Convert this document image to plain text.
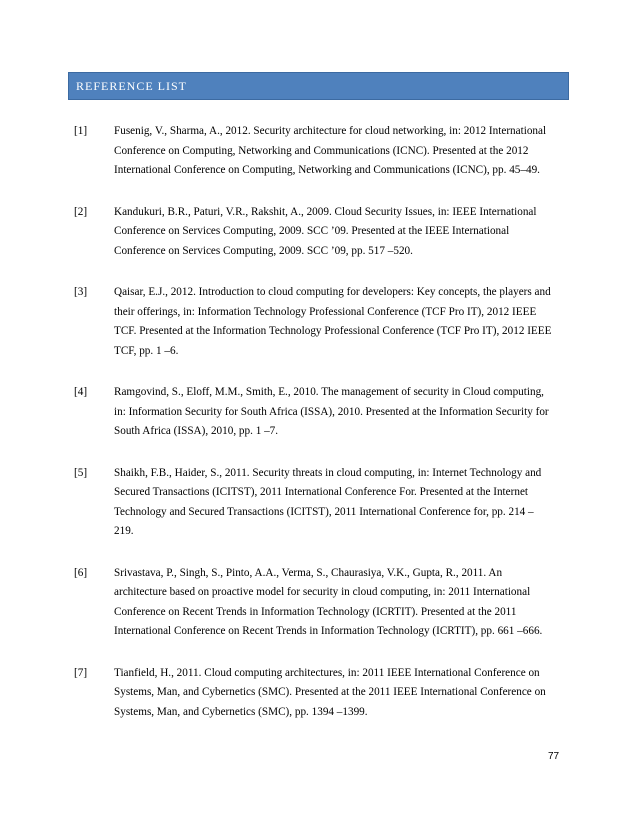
REFERENCE LIST
[1]	Fusenig, V., Sharma, A., 2012. Security architecture for cloud networking, in: 2012 International
Conference on Computing, Networking and Communications (ICNC). Presented at the 2012
International Conference on Computing, Networking and Communications (ICNC), pp. 45–49.
[2]	Kandukuri, B.R., Paturi, V.R., Rakshit, A., 2009. Cloud Security Issues, in: IEEE International
Conference on Services Computing, 2009. SCC ’09. Presented at the IEEE International
Conference on Services Computing, 2009. SCC ’09, pp. 517 –520.
[3]	Qaisar, E.J., 2012. Introduction to cloud computing for developers: Key concepts, the players and
their offerings, in: Information Technology Professional Conference (TCF Pro IT), 2012 IEEE
TCF. Presented at the Information Technology Professional Conference (TCF Pro IT), 2012 IEEE
TCF, pp. 1 –6.
[4]	Ramgovind, S., Eloff, M.M., Smith, E., 2010. The management of security in Cloud computing,
in: Information Security for South Africa (ISSA), 2010. Presented at the Information Security for
South Africa (ISSA), 2010, pp. 1 –7.
[5]	Shaikh, F.B., Haider, S., 2011. Security threats in cloud computing, in: Internet Technology and
Secured Transactions (ICITST), 2011 International Conference For. Presented at the Internet
Technology and Secured Transactions (ICITST), 2011 International Conference for, pp. 214 –
219.
[6]	Srivastava, P., Singh, S., Pinto, A.A., Verma, S., Chaurasiya, V.K., Gupta, R., 2011. An
architecture based on proactive model for security in cloud computing, in: 2011 International
Conference on Recent Trends in Information Technology (ICRTIT). Presented at the 2011
International Conference on Recent Trends in Information Technology (ICRTIT), pp. 661 –666.
[7]	Tianfield, H., 2011. Cloud computing architectures, in: 2011 IEEE International Conference on
Systems, Man, and Cybernetics (SMC). Presented at the 2011 IEEE International Conference on
Systems, Man, and Cybernetics (SMC), pp. 1394 –1399.
77
